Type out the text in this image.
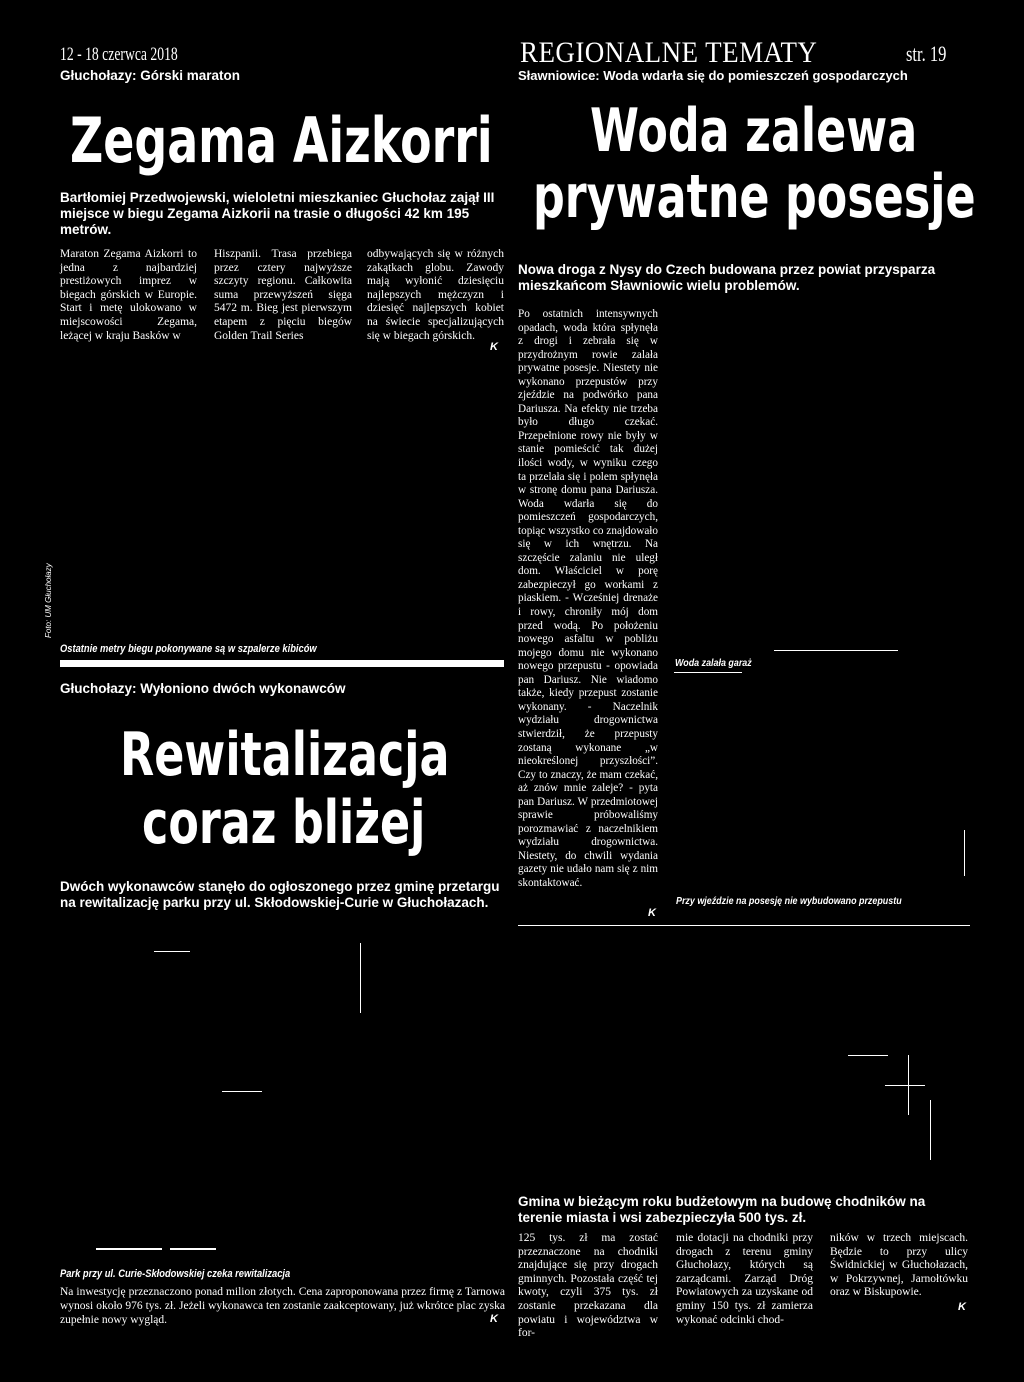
12 - 18 czerwca 2018	REGIONALNE TEMATY	str. 19
Głuchołazy: Górski maraton
Zegama Aizkorri
Bartłomiej Przedwojewski, wieloletni mieszkaniec Głuchołaz zajął III miejsce w biegu Zegama Aizkorii na trasie o długości 42 km 195 metrów.
Maraton Zegama Aizkorri to jedna z najbardziej prestiżowych imprez w biegach górskich w Europie. Start i metę ulokowano w miejscowości Zegama, leżącej w kraju Basków w
Hiszpanii. Trasa przebiega przez cztery najwyższe szczyty regionu. Całkowita suma przewyższeń sięga 5472 m. Bieg jest pierwszym etapem z pięciu biegów Golden Trail Series
odbywających się w różnych zakątkach globu. Zawody mają wyłonić dziesięciu najlepszych mężczyzn i dziesięć najlepszych kobiet na świecie specjalizujących się w biegach górskich.
K
Foto: UM Głuchołazy
Ostatnie metry biegu pokonywane są w szpalerze kibiców
Głuchołazy: Wyłoniono dwóch wykonawców
Rewitalizacja
coraz bliżej
Dwóch wykonawców stanęło do ogłoszonego przez gminę przetargu na rewitalizację parku przy ul. Skłodowskiej-Curie w Głuchołazach.
Park przy ul. Curie-Skłodowskiej czeka rewitalizacja
Na inwestycję przeznaczono ponad milion złotych. Cena zaproponowana przez firmę z Tarnowa wynosi około 976 tys. zł. Jeżeli wykonawca ten zostanie zaakceptowany, już wkrótce plac zyska zupełnie nowy wygląd.	K
Sławniowice: Woda wdarła się do pomieszczeń gospodarczych
Woda zalewa
prywatne posesje
Nowa droga z Nysy do Czech budowana przez powiat przysparza mieszkańcom Sławniowic wielu problemów.
Po ostatnich intensywnych opadach, woda która spłynęła z drogi i zebrała się w przydrożnym rowie zalała prywatne posesje. Niestety nie wykonano przepustów przy zjeździe na podwórko pana Dariusza. Na efekty nie trzeba było długo czekać. Przepełnione rowy nie były w stanie pomieścić tak dużej ilości wody, w wyniku czego ta przelała się i polem spłynęła w stronę domu pana Dariusza. Woda wdarła się do pomieszczeń gospodarczych, topiąc wszystko co znajdowało się w ich wnętrzu. Na szczęście zalaniu nie uległ dom. Właściciel w porę zabezpieczył go workami z piaskiem. - Wcześniej drenaże i rowy, chroniły mój dom przed wodą. Po położeniu nowego asfaltu w pobliżu mojego domu nie wykonano nowego przepustu - opowiada pan Dariusz. Nie wiadomo także, kiedy przepust zostanie wykonany. - Naczelnik wydziału drogownictwa stwierdził, że przepusty zostaną wykonane „w nieokreślonej przyszłości”. Czy to znaczy, że mam czekać, aż znów mnie zaleje? - pyta pan Dariusz. W przedmiotowej sprawie próbowaliśmy porozmawiać z naczelnikiem wydziału drogownictwa. Niestety, do chwili wydania gazety nie udało nam się z nim skontaktować.
K
Woda zalała garaż
Przy wjeździe na posesję nie wybudowano przepustu
Gmina w bieżącym roku budżetowym na budowę chodników na terenie miasta i wsi zabezpieczyła 500 tys. zł.
125 tys. zł ma zostać przeznaczone na chodniki znajdujące się przy drogach gminnych. Pozostała część tej kwoty, czyli 375 tys. zł zostanie przekazana dla powiatu i województwa w for-
mie dotacji na chodniki przy drogach z terenu gminy Głuchołazy, których są zarządcami. Zarząd Dróg Powiatowych za uzyskane od gminy 150 tys. zł zamierza wykonać odcinki chod-
ników w trzech miejscach. Będzie to przy ulicy Świdnickiej w Głuchołazach, w Pokrzywnej, Jarnołtówku oraz w Biskupowie.
K
